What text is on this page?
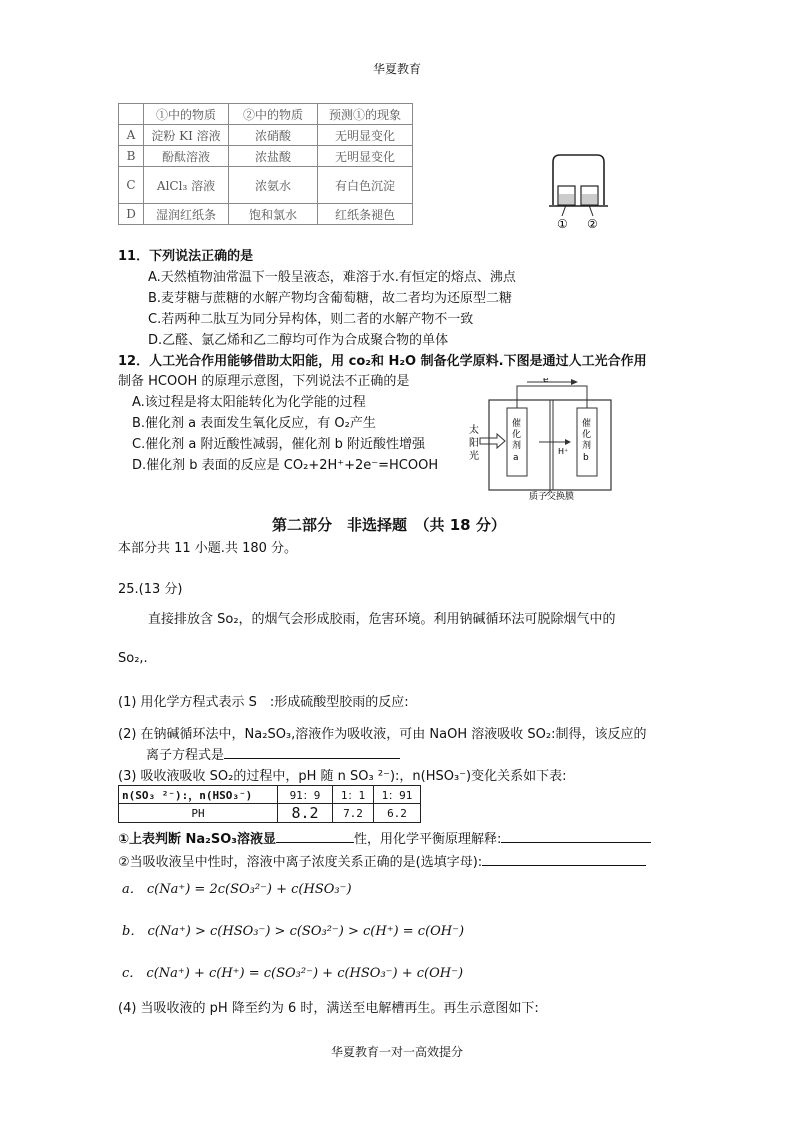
华夏教育
	①中的物质	②中的物质	预测①的现象
A	淀粉 KI 溶液	浓硝酸	无明显变化
B	酚酞溶液	浓盐酸	无明显变化
C	AlCl₃ 溶液	浓氨水	有白色沉淀
D	湿润红纸条	饱和氯水	红纸条褪色
① ②
11．下列说法正确的是
A.天然植物油常温下一般呈液态，难溶于水.有恒定的熔点、沸点
B.麦芽糖与蔗糖的水解产物均含葡萄糖，故二者均为还原型二糖
C.若两种二肽互为同分异构体，则二者的水解产物不一致
D.乙醛、氯乙烯和乙二醇均可作为合成聚合物的单体
12．人工光合作用能够借助太阳能，用 co₂和 H₂O 制备化学原料.下图是通过人工光合作用
制备 HCOOH 的原理示意图，下列说法不正确的是
A.该过程是将太阳能转化为化学能的过程
B.催化剂 a 表面发生氧化反应，有 O₂产生
C.催化剂 a 附近酸性减弱，催化剂 b 附近酸性增强
D.催化剂 b 表面的反应是 CO₂+2H⁺+2e⁻=HCOOH
e⁻
太
阳
光
催
化
剂
a
催
化
剂
b
H⁺
质子交换膜
第二部分　非选择题　（共 18 分）
本部分共 11 小题.共 180 分。
25.(13 分)
直接排放含 So₂，的烟气会形成胶雨，危害环境。利用钠碱循环法可脱除烟气中的
So₂,.
(1) 用化学方程式表示 S　:形成硫酸型胶雨的反应:
(2) 在钠碱循环法中，Na₂SO₃,溶液作为吸收液，可由 NaOH 溶液吸收 SO₂:制得，该反应的
离子方程式是
(3) 吸收液吸收 SO₂的过程中，pH 随 n SO₃ ²⁻):，n(HSO₃⁻)变化关系如下表:
n(SO₃ ²⁻):，n(HSO₃⁻)	91：9	1：1	1：91
PH	8.2	7.2	6.2
①上表判断 Na₂SO₃溶液显	性，用化学平衡原理解释:
②当吸收液呈中性时，溶液中离子浓度关系正确的是(选填字母):
a． c(Na⁺) = 2c(SO₃²⁻) + c(HSO₃⁻)
b． c(Na⁺) > c(HSO₃⁻) > c(SO₃²⁻) > c(H⁺) = c(OH⁻)
c． c(Na⁺) + c(H⁺) = c(SO₃²⁻) + c(HSO₃⁻) + c(OH⁻)
(4) 当吸收液的 pH 降至约为 6 时，满送至电解槽再生。再生示意图如下:
华夏教育一对一高效提分
